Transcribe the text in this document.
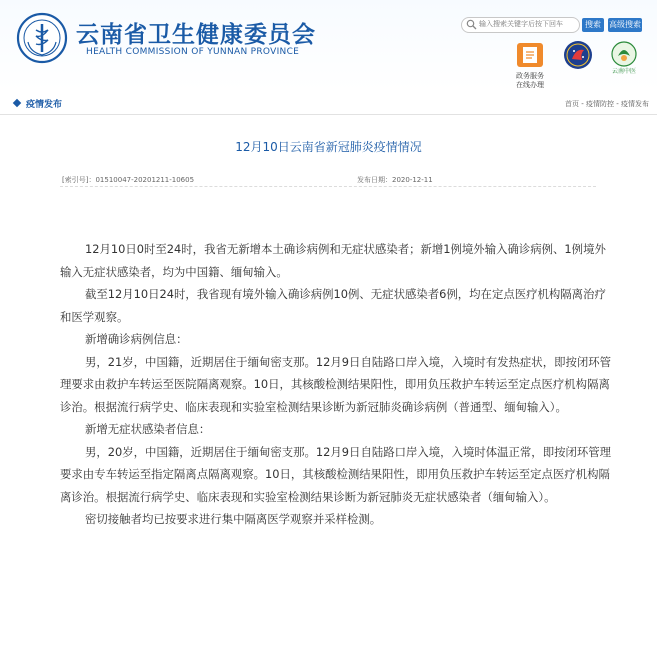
云南省卫生健康委员会
HEALTH COMMISSION OF YUNNAN PROVINCE
输入搜索关键字后按下回车
搜索	高级搜索
政务服务
在线办理
云南中医
疫情发布	首页 - 疫情防控 - 疫情发布
12月10日云南省新冠肺炎疫情情况
[索引号]：01510047-20201211-10605	发布日期：2020-12-11

12月10日0时至24时，我省无新增本土确诊病例和无症状感染者；新增1例境外输入确诊病例、1例境外输入无症状感染者，均为中国籍、缅甸输入。

截至12月10日24时，我省现有境外输入确诊病例10例、无症状感染者6例，均在定点医疗机构隔离治疗和医学观察。

新增确诊病例信息：

男，21岁，中国籍，近期居住于缅甸密支那。12月9日自陆路口岸入境，入境时有发热症状，即按闭环管理要求由救护车转运至医院隔离观察。10日，其核酸检测结果阳性，即用负压救护车转运至定点医疗机构隔离诊治。根据流行病学史、临床表现和实验室检测结果诊断为新冠肺炎确诊病例（普通型、缅甸输入）。

新增无症状感染者信息：

男，20岁，中国籍，近期居住于缅甸密支那。12月9日自陆路口岸入境，入境时体温正常，即按闭环管理要求由专车转运至指定隔离点隔离观察。10日，其核酸检测结果阳性，即用负压救护车转运至定点医疗机构隔离诊治。根据流行病学史、临床表现和实验室检测结果诊断为新冠肺炎无症状感染者（缅甸输入）。

密切接触者均已按要求进行集中隔离医学观察并采样检测。
